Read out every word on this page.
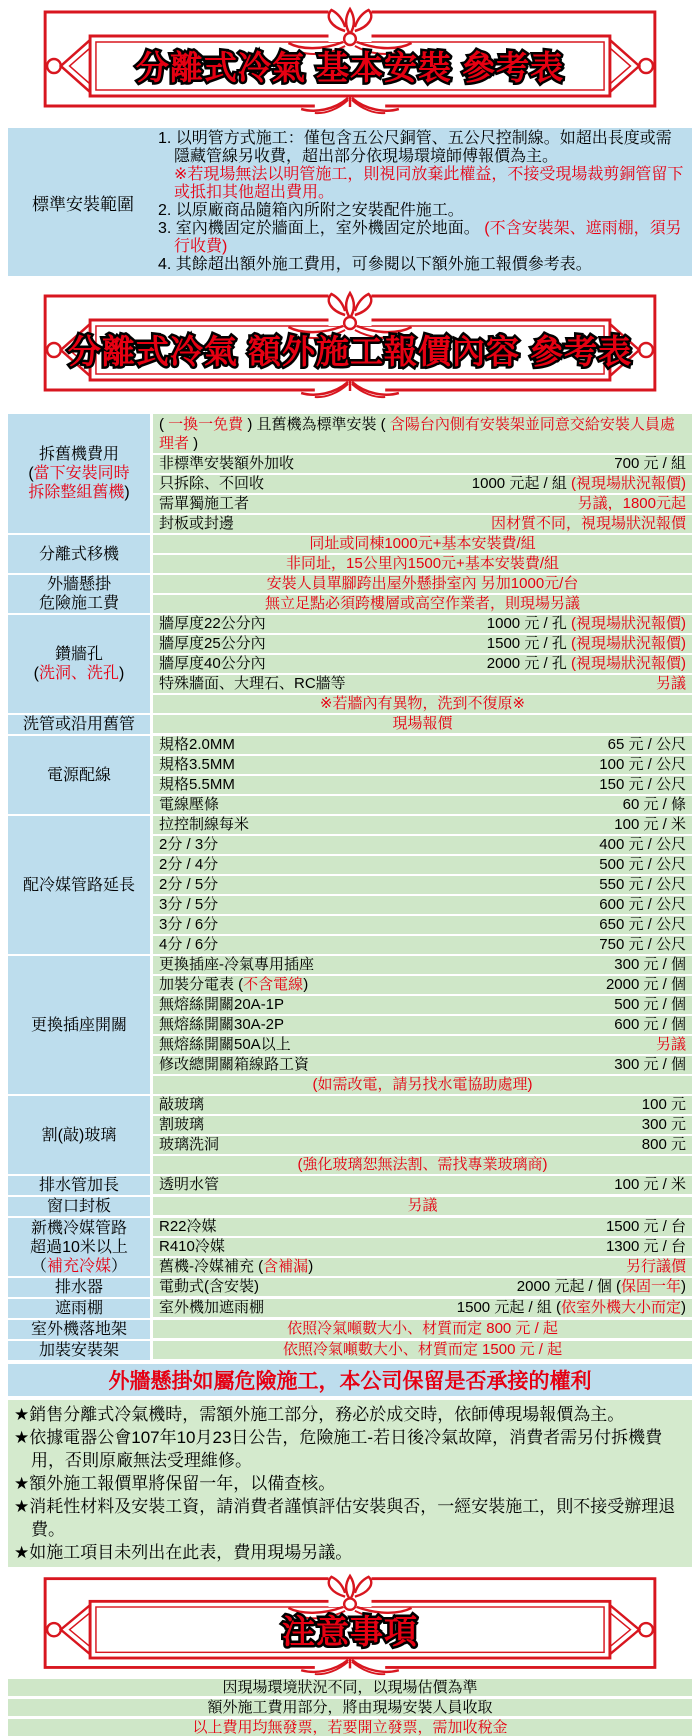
分離式冷氣 基本安裝 參考表
標準安裝範圍
1. 以明管方式施工：僅包含五公尺銅管、五公尺控制線。如超出長度或需隱藏管線另收費，超出部分依現場環境師傅報價為主。
※若現場無法以明管施工，則視同放棄此權益，不接受現場裁剪銅管留下或抵扣其他超出費用。
2. 以原廠商品隨箱內所附之安裝配件施工。
3. 室內機固定於牆面上，室外機固定於地面。 (不含安裝架、遮雨棚，須另行收費)
4. 其餘超出額外施工費用，可參閱以下額外施工報價參考表。
分離式冷氣 額外施工報價內容 參考表
拆舊機費用
(當下安裝同時
拆除整組舊機)
( 一換一免費 ) 且舊機為標準安裝 ( 含陽台內側有安裝架並同意交給安裝人員處理者 )
非標準安裝額外加收	700 元 / 組
只拆除、不回收	1000 元起 / 組 (視現場狀況報價)
需單獨施工者	另議，1800元起
封板或封邊	因材質不同，視現場狀況報價
分離式移機
同址或同棟1000元+基本安裝費/組
非同址，15公里內1500元+基本安裝費/組
外牆懸掛
危險施工費
安裝人員單腳跨出屋外懸掛室內 另加1000元/台
無立足點必須跨樓層或高空作業者，則現場另議
鑽牆孔
(洗洞、洗孔)
牆厚度22公分內	1000 元 / 孔 (視現場狀況報價)
牆厚度25公分內	1500 元 / 孔 (視現場狀況報價)
牆厚度40公分內	2000 元 / 孔 (視現場狀況報價)
特殊牆面、大理石、RC牆等	另議
※若牆內有異物，洗到不復原※
洗管或沿用舊管	現場報價
電源配線
規格2.0MM	65 元 / 公尺
規格3.5MM	100 元 / 公尺
規格5.5MM	150 元 / 公尺
電線壓條	60 元 / 條
配冷媒管路延長
拉控制線每米	100 元 / 米
2分 / 3分	400 元 / 公尺
2分 / 4分	500 元 / 公尺
2分 / 5分	550 元 / 公尺
3分 / 5分	600 元 / 公尺
3分 / 6分	650 元 / 公尺
4分 / 6分	750 元 / 公尺
更換插座開關
更換插座-冷氣專用插座	300 元 / 個
加裝分電表 (不含電線)	2000 元 / 個
無熔絲開關20A-1P	500 元 / 個
無熔絲開關30A-2P	600 元 / 個
無熔絲開關50A以上	另議
修改總開關箱線路工資	300 元 / 個
(如需改電，請另找水電協助處理)
割(敲)玻璃
敲玻璃	100 元
割玻璃	300 元
玻璃洗洞	800 元
(強化玻璃恕無法割、需找專業玻璃商)
排水管加長	透明水管	100 元 / 米
窗口封板	另議
新機冷媒管路
超過10米以上
（補充冷媒）
R22冷媒	1500 元 / 台
R410冷媒	1300 元 / 台
舊機-冷媒補充 (含補漏)	另行議價
排水器	電動式(含安裝)	2000 元起 / 個 (保固一年)
遮雨棚	室外機加遮雨棚	1500 元起 / 組 (依室外機大小而定)
室外機落地架	依照冷氣噸數大小、材質而定 800 元 / 起
加裝安裝架	依照冷氣噸數大小、材質而定 1500 元 / 起
外牆懸掛如屬危險施工，本公司保留是否承接的權利
★銷售分離式冷氣機時，需額外施工部分，務必於成交時，依師傅現場報價為主。
★依據電器公會107年10月23日公告，危險施工-若日後冷氣故障，消費者需另付拆機費用，否則原廠無法受理維修。
★額外施工報價單將保留一年，以備查核。
★消耗性材料及安裝工資，請消費者謹慎評估安裝與否，一經安裝施工，則不接受辦理退費。
★如施工項目未列出在此表，費用現場另議。
注意事項
因現場環境狀況不同，以現場估價為準
額外施工費用部分，將由現場安裝人員收取
以上費用均無發票，若要開立發票，需加收稅金
